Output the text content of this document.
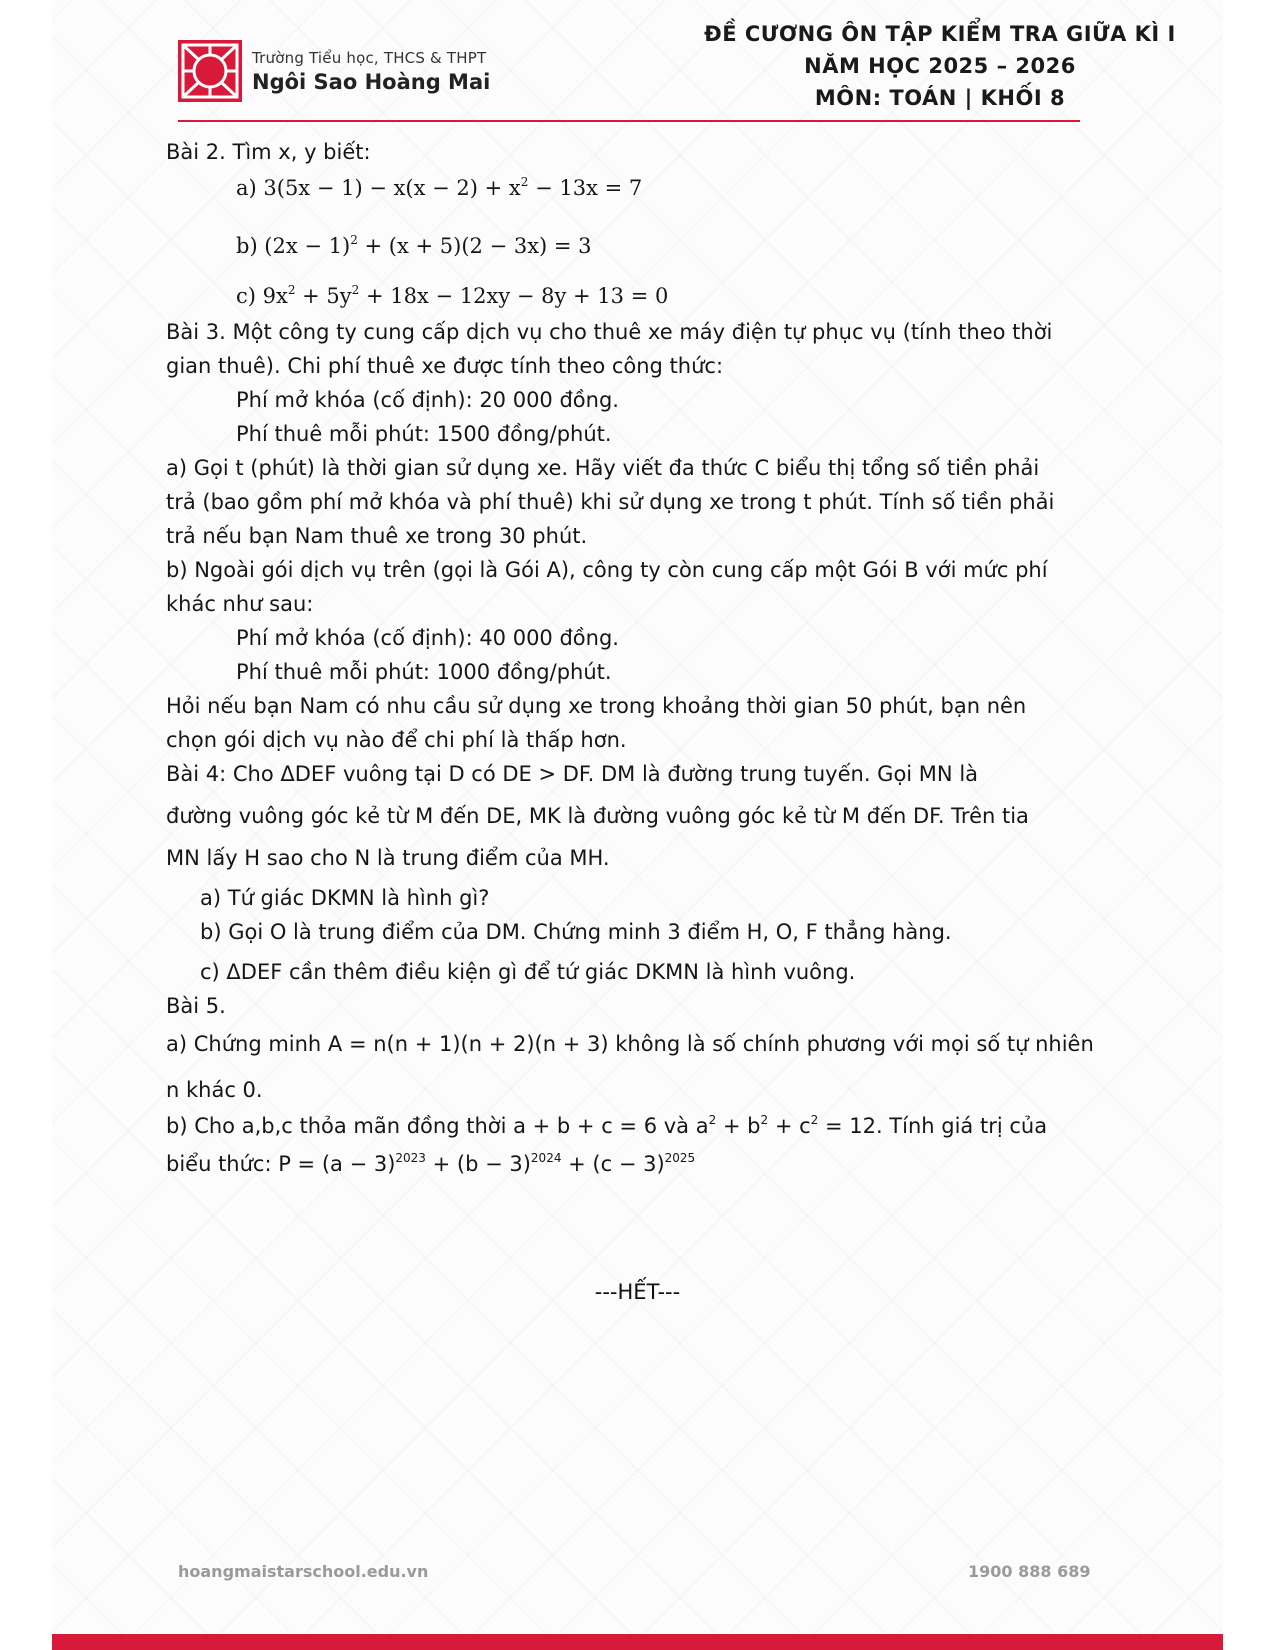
Trường Tiểu học, THCS & THPT
Ngôi Sao Hoàng Mai
ĐỀ CƯƠNG ÔN TẬP KIỂM TRA GIỮA KÌ I
NĂM HỌC 2025 – 2026
MÔN: TOÁN | KHỐI 8
Bài 2. Tìm x, y biết:
a) $3(5x - 1) - x(x - 2) + x^2 - 13x = 7$
b) $(2x - 1)^2 + (x + 5)(2 - 3x) = 3$
c) $9x^2 + 5y^2 + 18x - 12xy - 8y + 13 = 0$
Bài 3. Một công ty cung cấp dịch vụ cho thuê xe máy điện tự phục vụ (tính theo thời
gian thuê). Chi phí thuê xe được tính theo công thức:
Phí mở khóa (cố định): 20 000 đồng.
Phí thuê mỗi phút: 1500 đồng/phút.
a) Gọi t (phút) là thời gian sử dụng xe. Hãy viết đa thức C biểu thị tổng số tiền phải
trả (bao gồm phí mở khóa và phí thuê) khi sử dụng xe trong t phút. Tính số tiền phải
trả nếu bạn Nam thuê xe trong 30 phút.
b) Ngoài gói dịch vụ trên (gọi là Gói A), công ty còn cung cấp một Gói B với mức phí
khác như sau:
Phí mở khóa (cố định): 40 000 đồng.
Phí thuê mỗi phút: 1000 đồng/phút.
Hỏi nếu bạn Nam có nhu cầu sử dụng xe trong khoảng thời gian 50 phút, bạn nên
chọn gói dịch vụ nào để chi phí là thấp hơn.
Bài 4: Cho ΔDEF vuông tại D có DE > DF. DM là đường trung tuyến. Gọi MN là
đường vuông góc kẻ từ M đến DE, MK là đường vuông góc kẻ từ M đến DF. Trên tia
MN lấy H sao cho N là trung điểm của MH.
a) Tứ giác DKMN là hình gì?
b) Gọi O là trung điểm của DM. Chứng minh 3 điểm H, O, F thẳng hàng.
c) ΔDEF cần thêm điều kiện gì để tứ giác DKMN là hình vuông.
Bài 5.
a) Chứng minh A = n(n + 1)(n + 2)(n + 3) không là số chính phương với mọi số tự nhiên
n khác 0.
b) Cho a,b,c thỏa mãn đồng thời a + b + c = 6 và $a^2 + b^2 + c^2 = 12$. Tính giá trị của
biểu thức: $P = (a - 3)^{2023} + (b - 3)^{2024} + (c - 3)^{2025}$
---HẾT---
hoangmaistarschool.edu.vn	1900 888 689
